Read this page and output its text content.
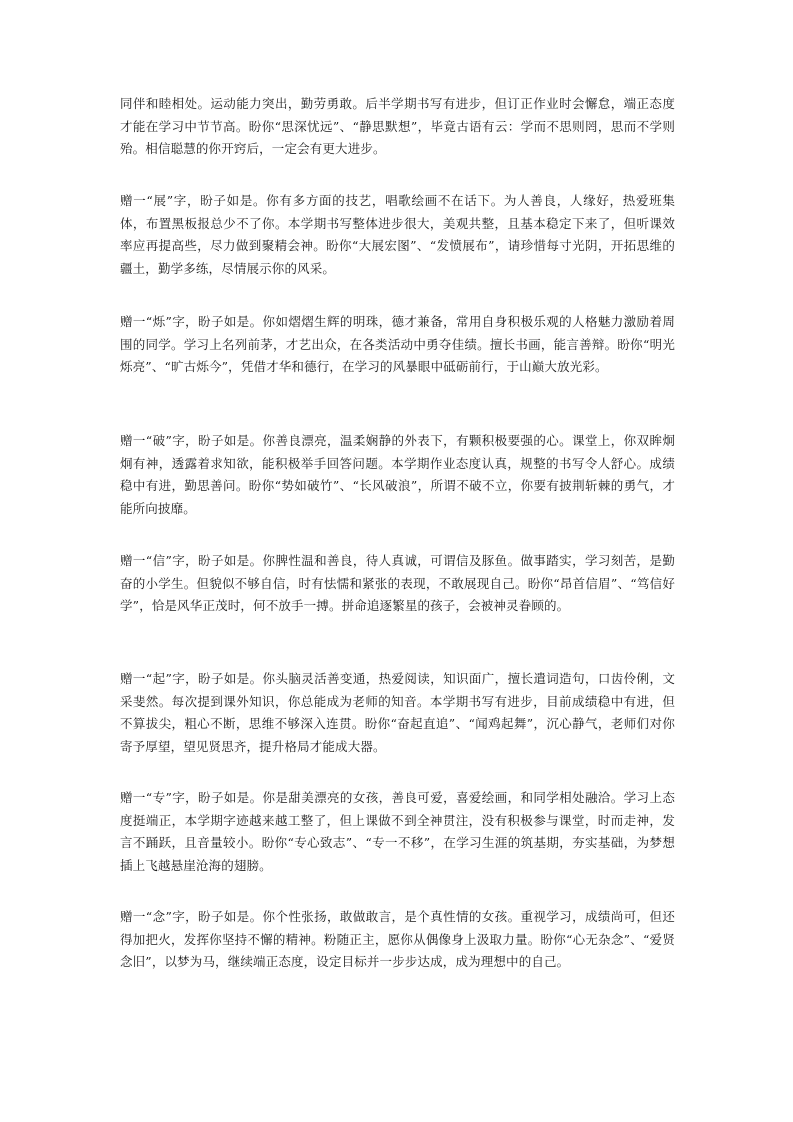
同伴和睦相处。运动能力突出，勤劳勇敢。后半学期书写有进步，但订正作业时会懈怠，端正态度才能在学习中节节高。盼你“思深忧远”、“静思默想”，毕竟古语有云：学而不思则罔，思而不学则殆。相信聪慧的你开窍后，一定会有更大进步。

赠一“展”字，盼子如是。你有多方面的技艺，唱歌绘画不在话下。为人善良，人缘好，热爱班集体，布置黑板报总少不了你。本学期书写整体进步很大，美观共整，且基本稳定下来了，但听课效率应再提高些，尽力做到聚精会神。盼你“大展宏图”、“发愤展布”，请珍惜每寸光阴，开拓思维的疆土，勤学多练，尽情展示你的风采。

赠一“烁”字，盼子如是。你如熠熠生辉的明珠，德才兼备，常用自身积极乐观的人格魅力激励着周围的同学。学习上名列前茅，才艺出众，在各类活动中勇夺佳绩。擅长书画，能言善辩。盼你“明光烁亮”、“旷古烁今”，凭借才华和德行，在学习的风暴眼中砥砺前行，于山巅大放光彩。

赠一“破”字，盼子如是。你善良漂亮，温柔娴静的外表下，有颗积极要强的心。课堂上，你双眸炯炯有神，透露着求知欲，能积极举手回答问题。本学期作业态度认真，规整的书写令人舒心。成绩稳中有进，勤思善问。盼你“势如破竹”、“长风破浪”，所谓不破不立，你要有披荆斩棘的勇气，才能所向披靡。

赠一“信”字，盼子如是。你脾性温和善良，待人真诚，可谓信及豚鱼。做事踏实，学习刻苦，是勤奋的小学生。但貌似不够自信，时有怯懦和紧张的表现，不敢展现自己。盼你“昂首信眉”、“笃信好学”，恰是风华正茂时，何不放手一搏。拼命追逐繁星的孩子，会被神灵眷顾的。

赠一“起”字，盼子如是。你头脑灵活善变通，热爱阅读，知识面广，擅长遣词造句，口齿伶俐，文采斐然。每次提到课外知识，你总能成为老师的知音。本学期书写有进步，目前成绩稳中有进，但不算拔尖，粗心不断，思维不够深入连贯。盼你“奋起直追”、“闻鸡起舞”，沉心静气，老师们对你寄予厚望，望见贤思齐，提升格局才能成大器。

赠一“专”字，盼子如是。你是甜美漂亮的女孩，善良可爱，喜爱绘画，和同学相处融洽。学习上态度挺端正，本学期字迹越来越工整了，但上课做不到全神贯注，没有积极参与课堂，时而走神，发言不踊跃，且音量较小。盼你“专心致志”、“专一不移”，在学习生涯的筑基期，夯实基础，为梦想插上飞越悬崖沧海的翅膀。

赠一“念”字，盼子如是。你个性张扬，敢做敢言，是个真性情的女孩。重视学习，成绩尚可，但还得加把火，发挥你坚持不懈的精神。粉随正主，愿你从偶像身上汲取力量。盼你“心无杂念”、“爱贤念旧”，以梦为马，继续端正态度，设定目标并一步步达成，成为理想中的自己。
